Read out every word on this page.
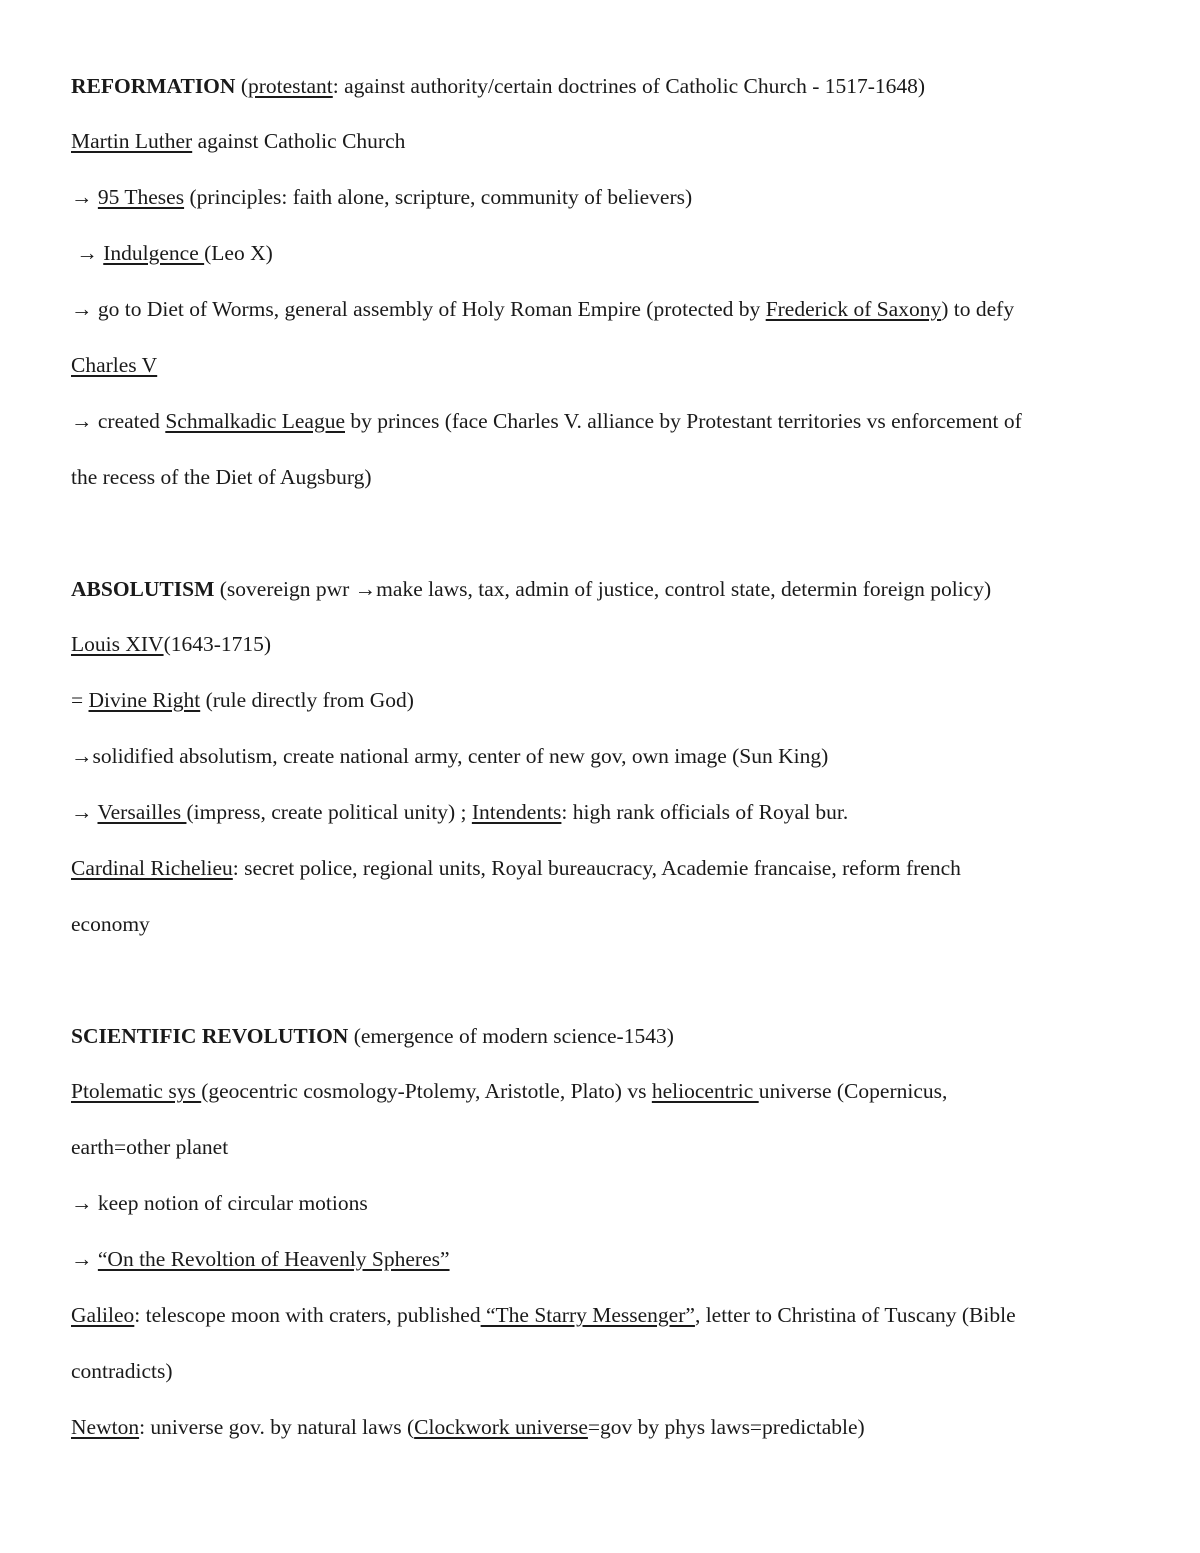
REFORMATION (protestant: against authority/certain doctrines of Catholic Church - 1517-1648)
Martin Luther against Catholic Church
→ 95 Theses (principles: faith alone, scripture, community of believers)
→ Indulgence (Leo X)
→ go to Diet of Worms, general assembly of Holy Roman Empire (protected by Frederick of Saxony) to defy
Charles V
→ created Schmalkadic League by princes (face Charles V. alliance by Protestant territories vs enforcement of
the recess of the Diet of Augsburg)
ABSOLUTISM (sovereign pwr →make laws, tax, admin of justice, control state, determin foreign policy)
Louis XIV(1643-1715)
= Divine Right (rule directly from God)
→solidified absolutism, create national army, center of new gov, own image (Sun King)
→ Versailles (impress, create political unity) ; Intendents: high rank officials of Royal bur.
Cardinal Richelieu: secret police, regional units, Royal bureaucracy, Academie francaise, reform french
economy
SCIENTIFIC REVOLUTION (emergence of modern science-1543)
Ptolematic sys (geocentric cosmology-Ptolemy, Aristotle, Plato) vs heliocentric universe (Copernicus,
earth=other planet
→ keep notion of circular motions
→ “On the Revoltion of Heavenly Spheres”
Galileo: telescope moon with craters, published “The Starry Messenger”, letter to Christina of Tuscany (Bible
contradicts)
Newton: universe gov. by natural laws (Clockwork universe=gov by phys laws=predictable)
